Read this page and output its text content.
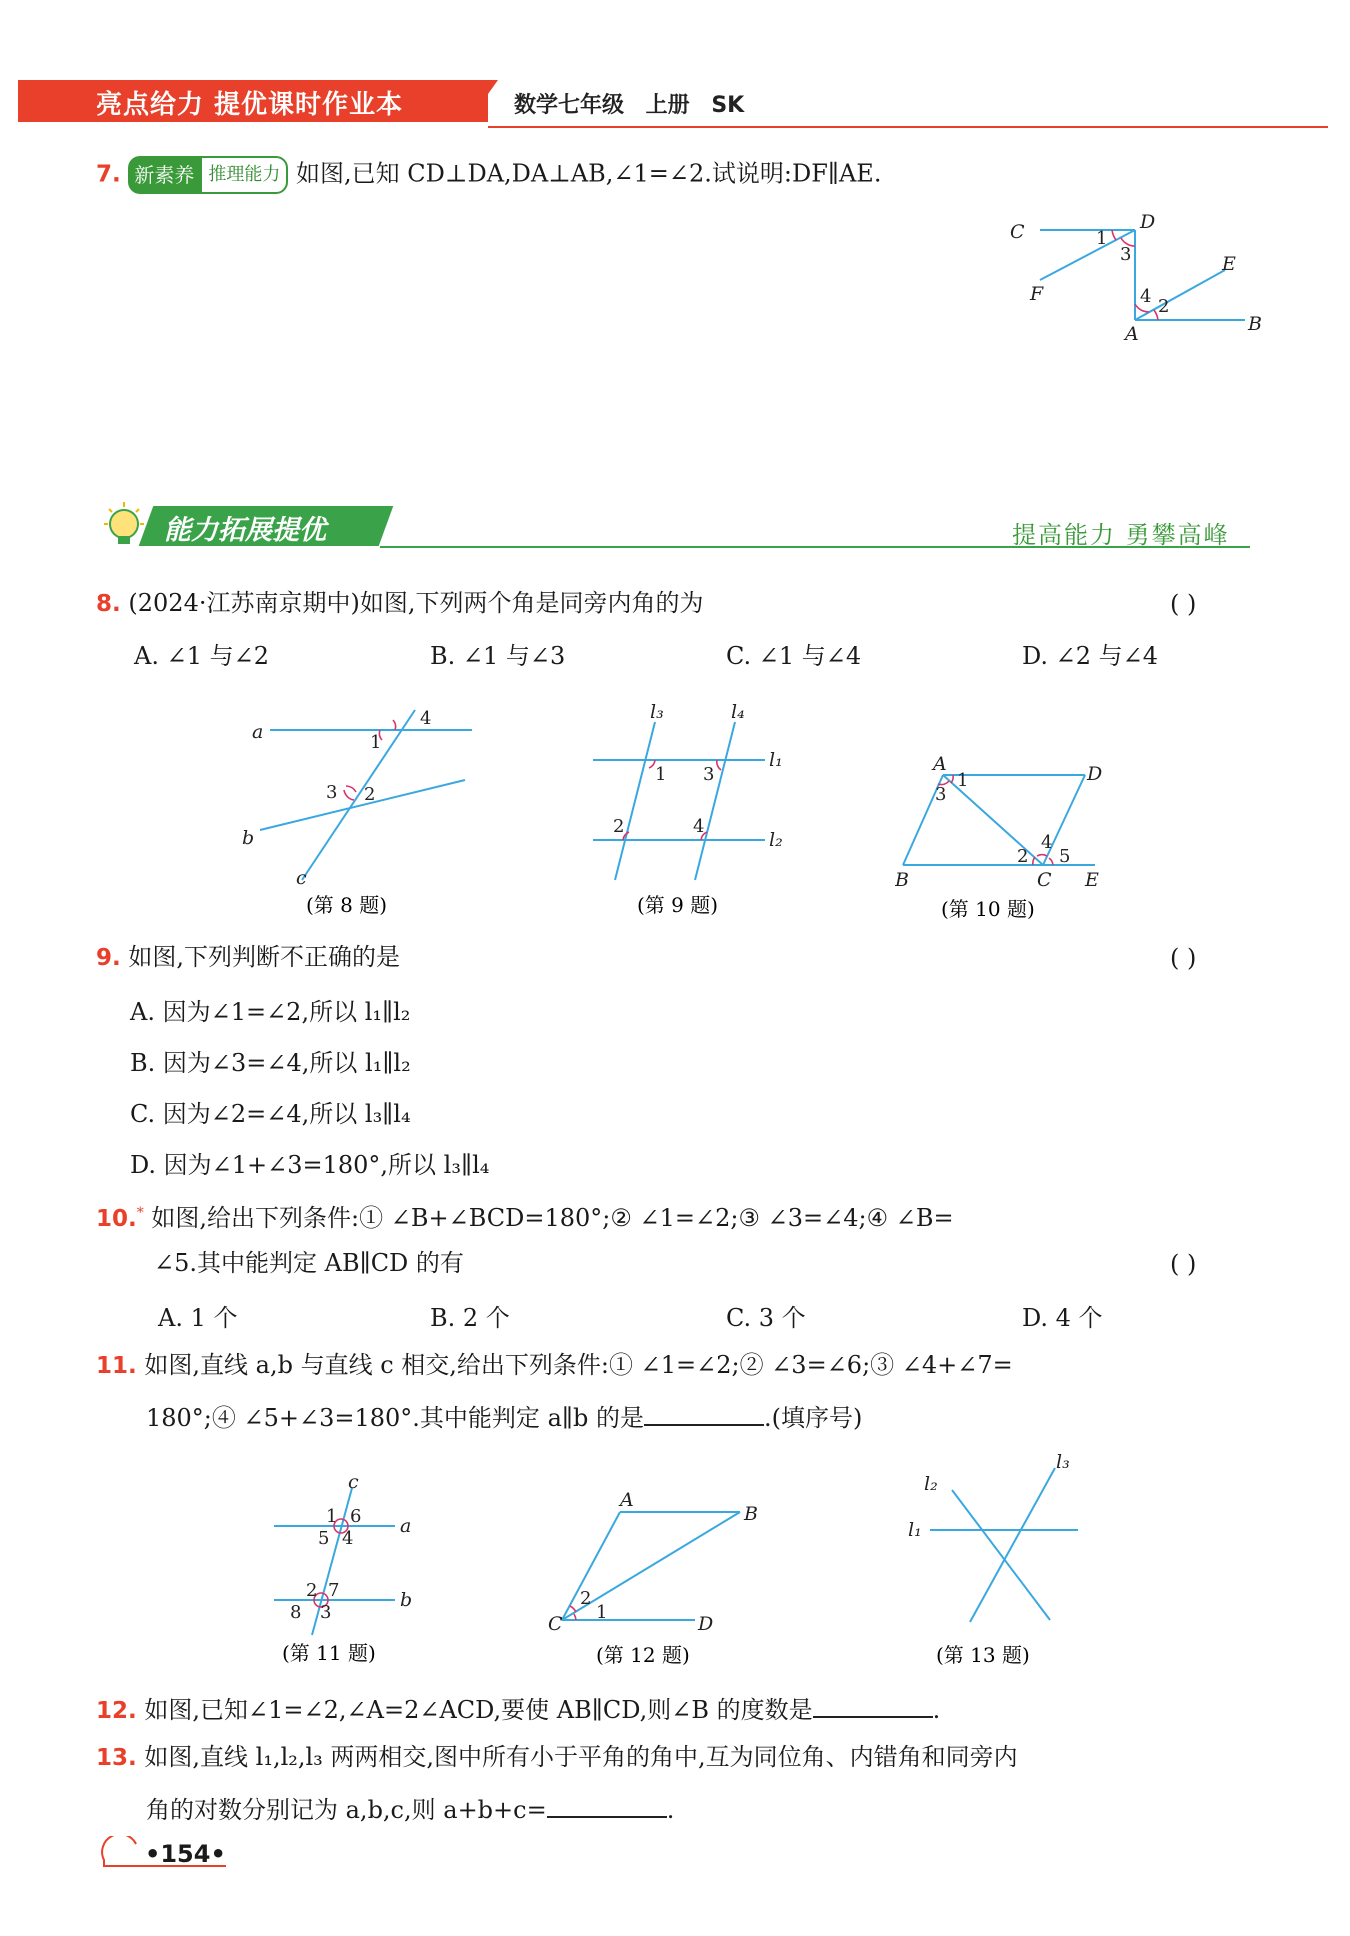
亮点给力 提优课时作业本	数学七年级 上册 SK
7. 新素养 推理能力 如图,已知 CD⊥DA,DA⊥AB,∠1=∠2.试说明:DF∥AE.
C	D
E
F
A	B
1
3
4 2
能力拓展提优	提高能力 勇攀高峰
8. (2024·江苏南京期中)如图,下列两个角是同旁内角的为	( )
A. ∠1 与∠2	B. ∠1 与∠3	C. ∠1 与∠4	D. ∠2 与∠4
a
b
c
1
4
3 2
(第 8 题)
l₃	l₄
l₁
l₂
1 3
2	4
(第 9 题)
A	D
B	C E
1
3
2
4
5
(第 10 题)
9. 如图,下列判断不正确的是	( )
A. 因为∠1=∠2,所以 l₁∥l₂
B. 因为∠3=∠4,所以 l₁∥l₂
C. 因为∠2=∠4,所以 l₃∥l₄
D. 因为∠1+∠3=180°,所以 l₃∥l₄
10.* 如图,给出下列条件:① ∠B+∠BCD=180°;② ∠1=∠2;③ ∠3=∠4;④ ∠B=
∠5.其中能判定 AB∥CD 的有	( )
A. 1 个	B. 2 个	C. 3 个	D. 4 个
11. 如图,直线 a,b 与直线 c 相交,给出下列条件:① ∠1=∠2;② ∠3=∠6;③ ∠4+∠7=
180°;④ ∠5+∠3=180°.其中能判定 a∥b 的是	.(填序号)
c
a
b
1 6
5 4
2 7
8 3
(第 11 题)
A
B
C	D
2
1
(第 12 题)
l₂
l₃
l₁
(第 13 题)
12. 如图,已知∠1=∠2,∠A=2∠ACD,要使 AB∥CD,则∠B 的度数是	.
13. 如图,直线 l₁,l₂,l₃ 两两相交,图中所有小于平角的角中,互为同位角、内错角和同旁内
角的对数分别记为 a,b,c,则 a+b+c=	.
•154•
